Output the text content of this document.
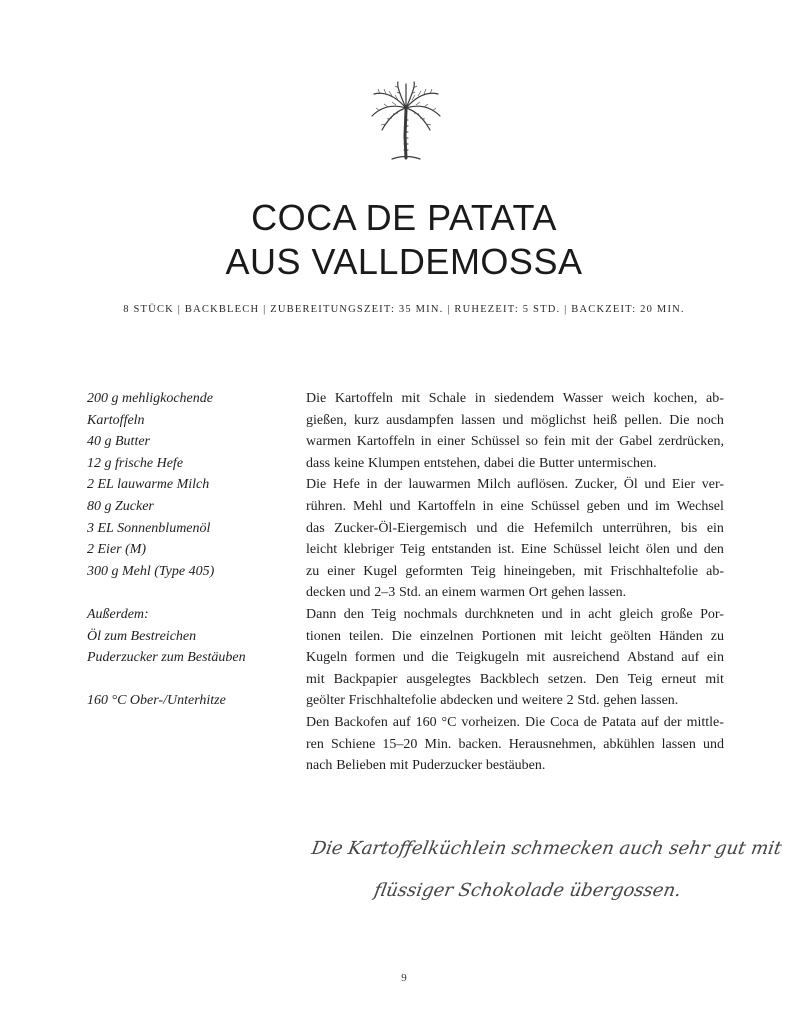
COCA DE PATATA
AUS VALLDEMOSSA
8 STÜCK | BACKBLECH | ZUBEREITUNGSZEIT: 35 MIN. | RUHEZEIT: 5 STD. | BACKZEIT: 20 MIN.
200 g mehligkochende
Kartoffeln
40 g Butter
12 g frische Hefe
2 EL lauwarme Milch
80 g Zucker
3 EL Sonnenblumenöl
2 Eier (M)
300 g Mehl (Type 405)
Außerdem:
Öl zum Bestreichen
Puderzucker zum Bestäuben
160 °C Ober-/Unterhitze
Die Kartoffeln mit Schale in siedendem Wasser weich kochen, ab-
gießen, kurz ausdampfen lassen und möglichst heiß pellen. Die noch
warmen Kartoffeln in einer Schüssel so fein mit der Gabel zerdrücken,
dass keine Klumpen entstehen, dabei die Butter untermischen.
Die Hefe in der lauwarmen Milch auflösen. Zucker, Öl und Eier ver-
rühren. Mehl und Kartoffeln in eine Schüssel geben und im Wechsel
das Zucker-Öl-Eiergemisch und die Hefemilch unterrühren, bis ein
leicht klebriger Teig entstanden ist. Eine Schüssel leicht ölen und den
zu einer Kugel geformten Teig hineingeben, mit Frischhaltefolie ab-
decken und 2–3 Std. an einem warmen Ort gehen lassen.
Dann den Teig nochmals durchkneten und in acht gleich große Por-
tionen teilen. Die einzelnen Portionen mit leicht geölten Händen zu
Kugeln formen und die Teigkugeln mit ausreichend Abstand auf ein
mit Backpapier ausgelegtes Backblech setzen. Den Teig erneut mit
geölter Frischhaltefolie abdecken und weitere 2 Std. gehen lassen.
Den Backofen auf 160 °C vorheizen. Die Coca de Patata auf der mittle-
ren Schiene 15–20 Min. backen. Herausnehmen, abkühlen lassen und
nach Belieben mit Puderzucker bestäuben.
Die Kartoffelküchlein schmecken auch sehr gut mit
flüssiger Schokolade übergossen.
9
